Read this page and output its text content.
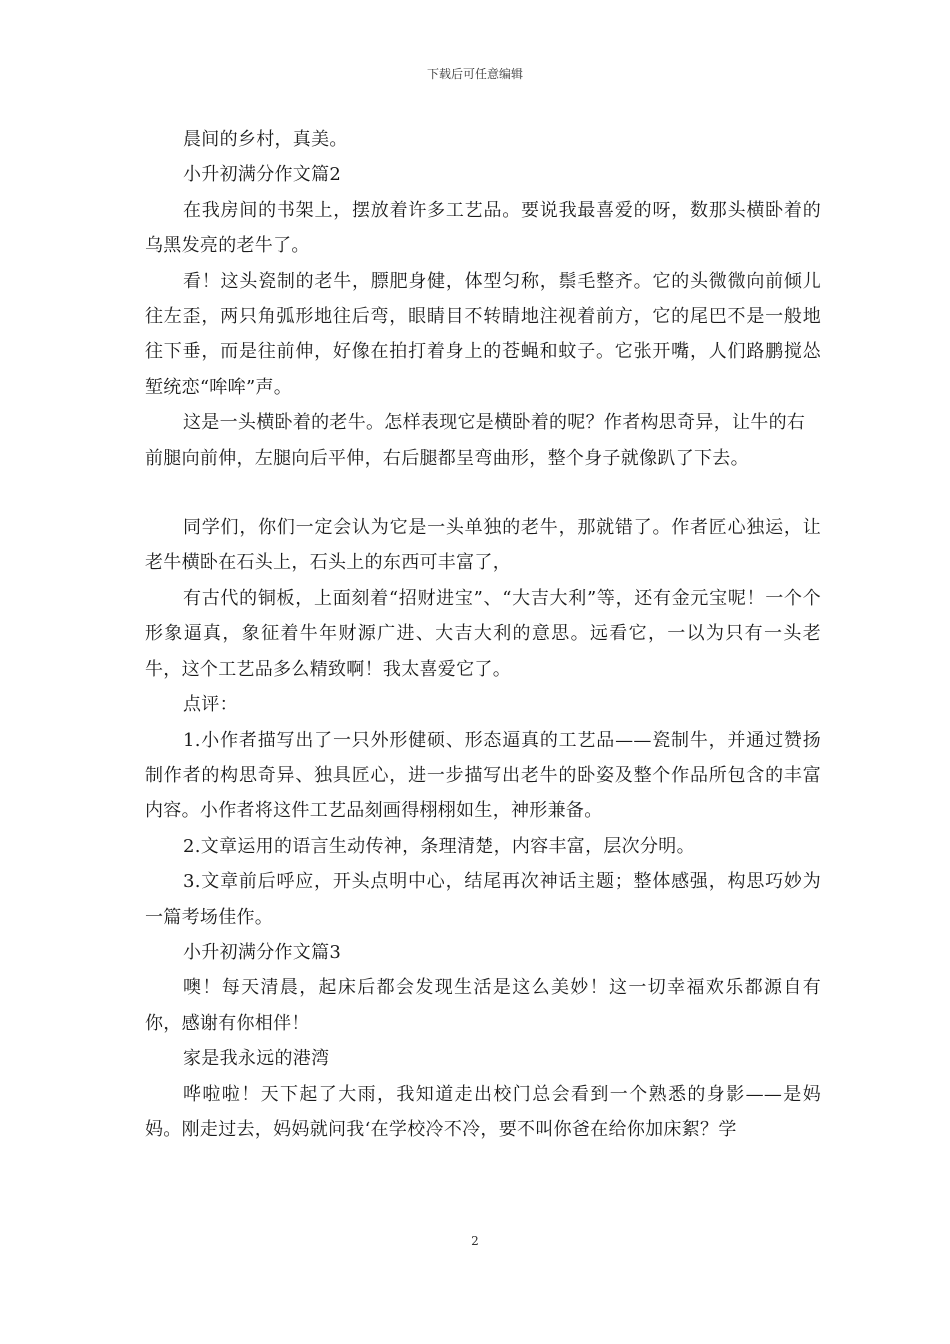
下载后可任意编辑

晨间的乡村，真美。

小升初满分作文篇2

在我房间的书架上，摆放着许多工艺品。要说我最喜爱的呀，数那头横卧着的乌黑发亮的老牛了。

看！这头瓷制的老牛，膘肥身健，体型匀称，鬃毛整齐。它的头微微向前倾儿往左歪，两只角弧形地往后弯，眼睛目不转睛地注视着前方，它的尾巴不是一般地往下垂，而是往前伸，好像在拍打着身上的苍蝇和蚊子。它张开嘴，人们路鹏搅怂堑统恋“哞哞”声。

这是一头横卧着的老牛。怎样表现它是横卧着的呢？作者构思奇异，让牛的右前腿向前伸，左腿向后平伸，右后腿都呈弯曲形，整个身子就像趴了下去。

同学们，你们一定会认为它是一头单独的老牛，那就错了。作者匠心独运，让老牛横卧在石头上，石头上的东西可丰富了，

有古代的铜板，上面刻着“招财进宝”、“大吉大利”等，还有金元宝呢！一个个形象逼真，象征着牛年财源广进、大吉大利的意思。远看它，一以为只有一头老牛，这个工艺品多么精致啊！我太喜爱它了。

点评：

1.小作者描写出了一只外形健硕、形态逼真的工艺品——瓷制牛，并通过赞扬制作者的构思奇异、独具匠心，进一步描写出老牛的卧姿及整个作品所包含的丰富内容。小作者将这件工艺品刻画得栩栩如生，神形兼备。

2.文章运用的语言生动传神，条理清楚，内容丰富，层次分明。

3.文章前后呼应，开头点明中心，结尾再次神话主题；整体感强，构思巧妙为一篇考场佳作。

小升初满分作文篇3

噢！每天清晨，起床后都会发现生活是这么美妙！这一切幸福欢乐都源自有你，感谢有你相伴！

家是我永远的港湾

哗啦啦！天下起了大雨，我知道走出校门总会看到一个熟悉的身影——是妈妈。刚走过去，妈妈就问我‘在学校冷不冷，要不叫你爸在给你加床絮？学

2
